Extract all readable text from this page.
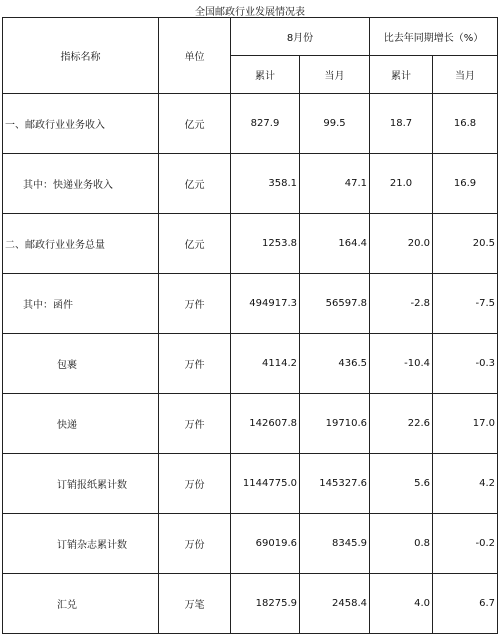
全国邮政行业发展情况表
指标名称	单位	8月份		比去年同期增长（%）	
		累计	当月	累计	当月
一、邮政行业业务收入	亿元	827.9	99.5	18.7	16.8
其中：快递业务收入	亿元	358.1	47.1	21.0	16.9
二、邮政行业业务总量	亿元	1253.8	164.4	20.0	20.5
其中：函件	万件	494917.3	56597.8	-2.8	-7.5
包裹	万件	4114.2	436.5	-10.4	-0.3
快递	万件	142607.8	19710.6	22.6	17.0
订销报纸累计数	万份	1144775.0	145327.6	5.6	4.2
订销杂志累计数	万份	69019.6	8345.9	0.8	-0.2
汇兑	万笔	18275.9	2458.4	4.0	6.7
